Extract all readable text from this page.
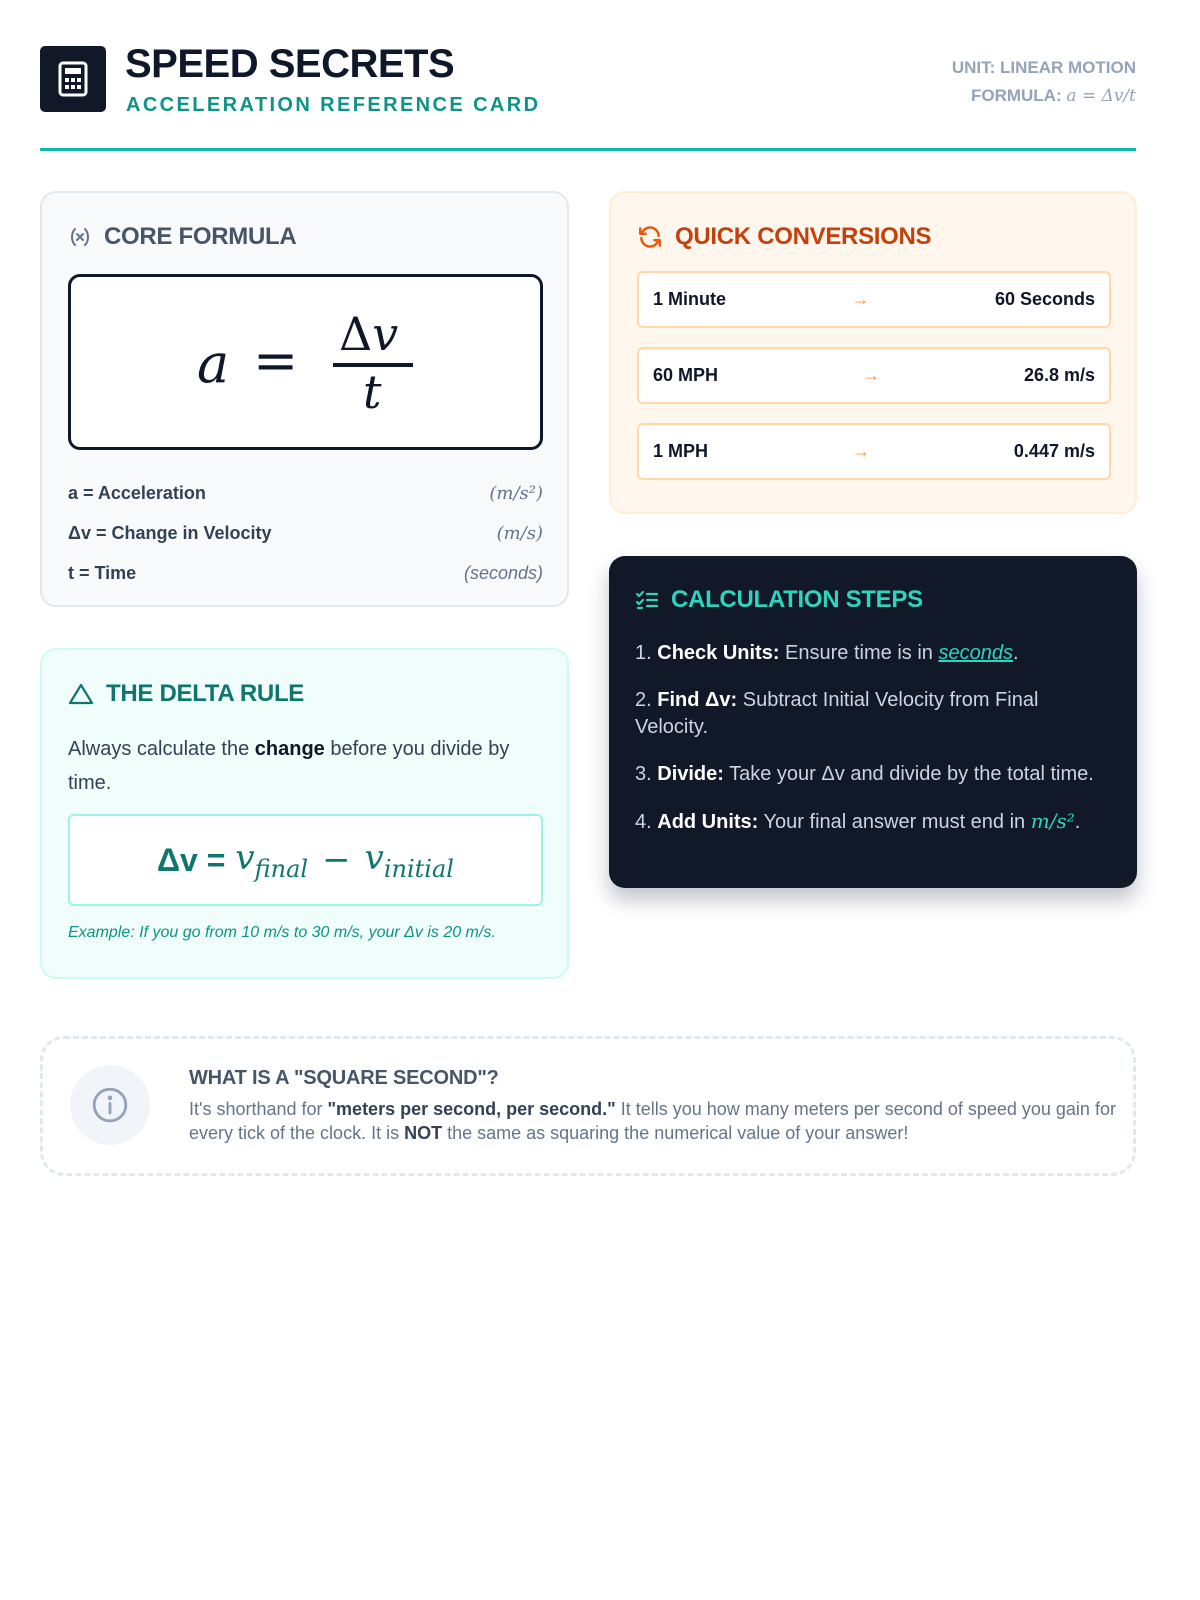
SPEED SECRETS
ACCELERATION REFERENCE CARD
UNIT: LINEAR MOTION
FORMULA: a = Δv/t
CORE FORMULA
a = Δv
t
a = Acceleration	(m/s²)
Δv = Change in Velocity	(m/s)
t = Time	(seconds)
QUICK CONVERSIONS
1 Minute	→	60 Seconds
60 MPH	→	26.8 m/s
1 MPH	→	0.447 m/s
THE DELTA RULE
Always calculate the change before you divide by time.
$\Delta v = v_{final} - v_{initial}$
Example: If you go from 10 m/s to 30 m/s, your Δv is 20 m/s.
CALCULATION STEPS
1. Check Units: Ensure time is in seconds.
2. Find Δv: Subtract Initial Velocity from Final Velocity.
3. Divide: Take your Δv and divide by the total time.
4. Add Units: Your final answer must end in m/s².
WHAT IS A "SQUARE SECOND"?
It's shorthand for "meters per second, per second." It tells you how many meters per second of speed you gain for every tick of the clock. It is NOT the same as squaring the numerical value of your answer!
